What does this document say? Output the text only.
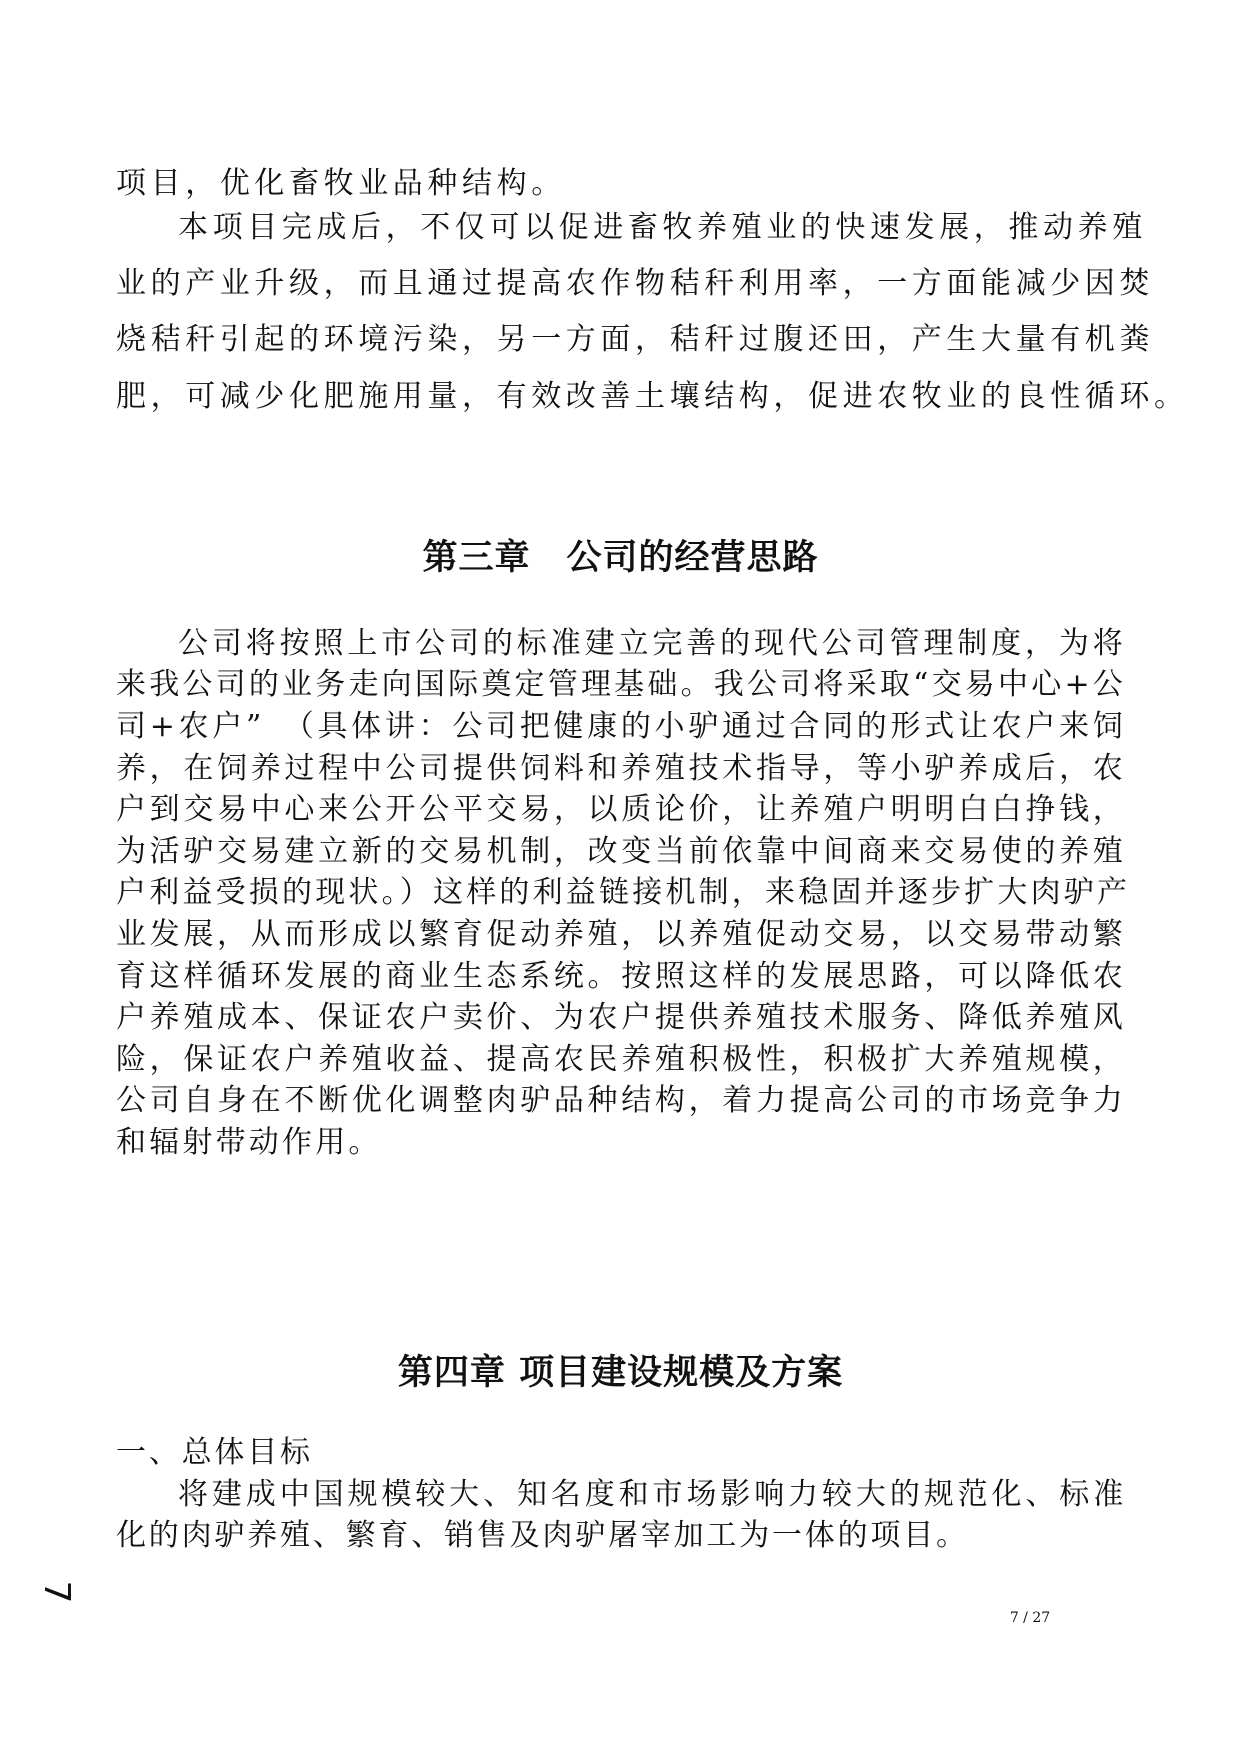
项目，优化畜牧业品种结构。
本项目完成后，不仅可以促进畜牧养殖业的快速发展，推动养殖
业的产业升级，而且通过提高农作物秸秆利用率，一方面能减少因焚
烧秸秆引起的环境污染，另一方面，秸秆过腹还田，产生大量有机粪
肥，可减少化肥施用量，有效改善土壤结构，促进农牧业的良性循环。
第三章　公司的经营思路
公司将按照上市公司的标准建立完善的现代公司管理制度，为将
来我公司的业务走向国际奠定管理基础。我公司将采取“交易中心+公
司+农户”　（具体讲：公司把健康的小驴通过合同的形式让农户来饲
养，在饲养过程中公司提供饲料和养殖技术指导，等小驴养成后，农
户到交易中心来公开公平交易，以质论价，让养殖户明明白白挣钱，
为活驴交易建立新的交易机制，改变当前依靠中间商来交易使的养殖
户利益受损的现状。）这样的利益链接机制，来稳固并逐步扩大肉驴产
业发展，从而形成以繁育促动养殖，以养殖促动交易，以交易带动繁
育这样循环发展的商业生态系统。按照这样的发展思路，可以降低农
户养殖成本、保证农户卖价、为农户提供养殖技术服务、降低养殖风
险，保证农户养殖收益、提高农民养殖积极性，积极扩大养殖规模，
公司自身在不断优化调整肉驴品种结构，着力提高公司的市场竞争力
和辐射带动作用。
第四章 项目建设规模及方案
一、总体目标
将建成中国规模较大、知名度和市场影响力较大的规范化、标准
化的肉驴养殖、繁育、销售及肉驴屠宰加工为一体的项目。
7
7 / 27
